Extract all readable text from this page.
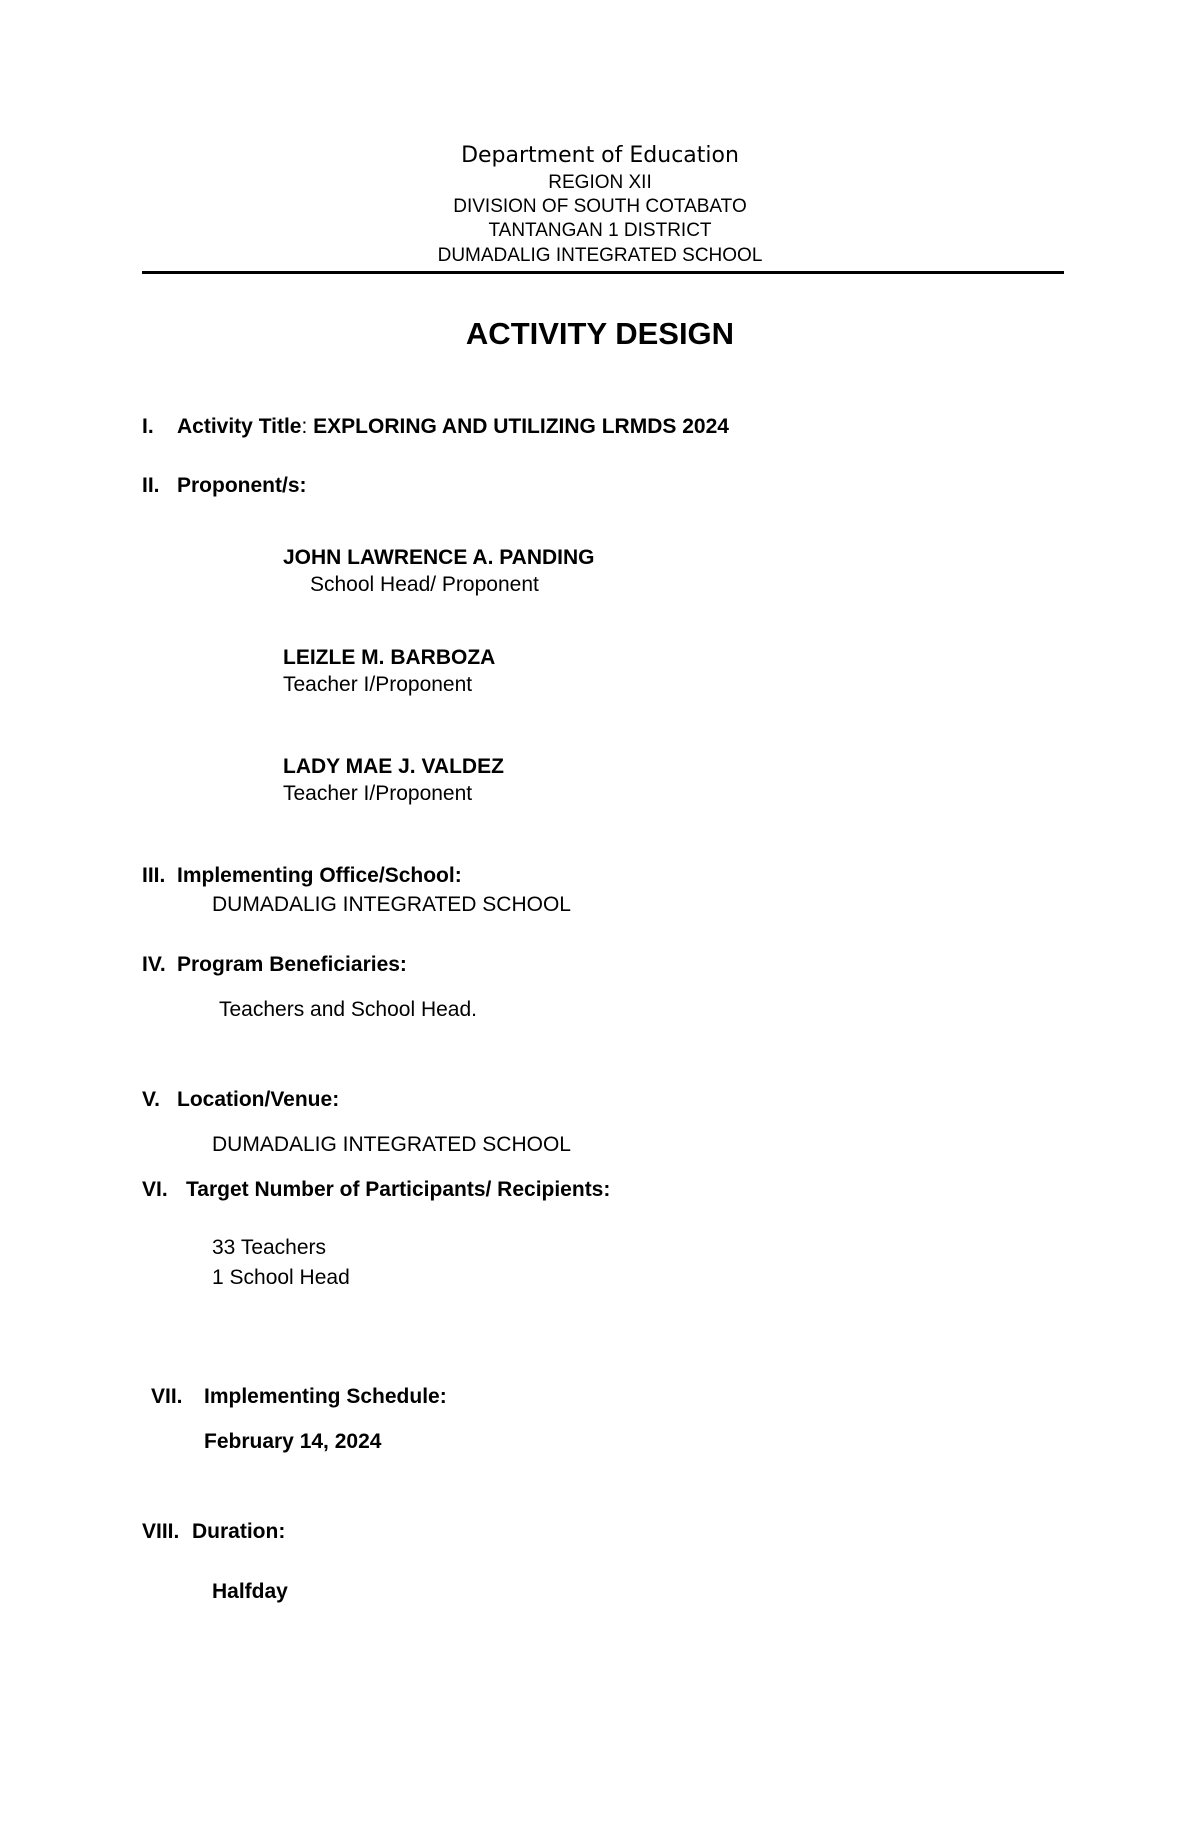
Department of Education
REGION XII
DIVISION OF SOUTH COTABATO
TANTANGAN 1 DISTRICT
DUMADALIG INTEGRATED SCHOOL
ACTIVITY DESIGN
I. Activity Title: EXPLORING AND UTILIZING LRMDS 2024
II. Proponent/s:
JOHN LAWRENCE A. PANDING
School Head/ Proponent
LEIZLE M. BARBOZA
Teacher I/Proponent
LADY MAE J. VALDEZ
Teacher I/Proponent
III. Implementing Office/School:
DUMADALIG INTEGRATED SCHOOL
IV. Program Beneficiaries:
Teachers and School Head.
V. Location/Venue:
DUMADALIG INTEGRATED SCHOOL
VI. Target Number of Participants/ Recipients:
33 Teachers
1 School Head
VII. Implementing Schedule:
February 14, 2024
VIII. Duration:
Halfday
